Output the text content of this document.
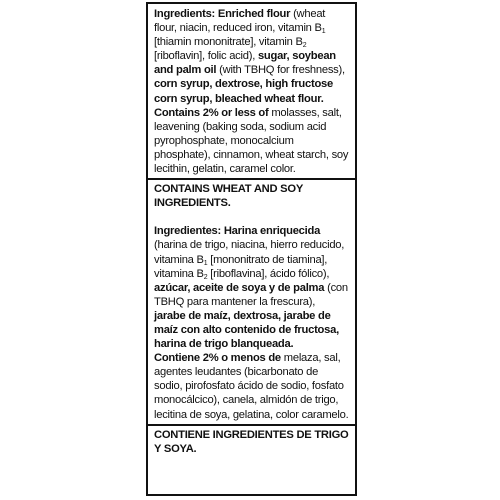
Ingredients: Enriched flour (wheat flour, niacin, reduced iron, vitamin $B_1$ [thiamin mononitrate], vitamin $B_2$ [riboflavin], folic acid), sugar, soybean and palm oil (with TBHQ for freshness), corn syrup, dextrose, high fructose corn syrup, bleached wheat flour.

Contains 2% or less of molasses, salt, leavening (baking soda, sodium acid pyrophosphate, monocalcium phosphate), cinnamon, wheat starch, soy lecithin, gelatin, caramel color.

CONTAINS WHEAT AND SOY INGREDIENTS.

Ingredientes: Harina enriquecida (harina de trigo, niacina, hierro reducido, vitamina $B_1$ [mononitrato de tiamina], vitamina $B_2$ [riboflavina], ácido fólico), azúcar, aceite de soya y de palma (con TBHQ para mantener la frescura), jarabe de maíz, dextrosa, jarabe de maíz con alto contenido de fructosa, harina de trigo blanqueada.

Contiene 2% o menos de melaza, sal, agentes leudantes (bicarbonato de sodio, pirofosfato ácido de sodio, fosfato monocálcico), canela, almidón de trigo, lecitina de soya, gelatina, color caramelo.

CONTIENE INGREDIENTES DE TRIGO Y SOYA.
